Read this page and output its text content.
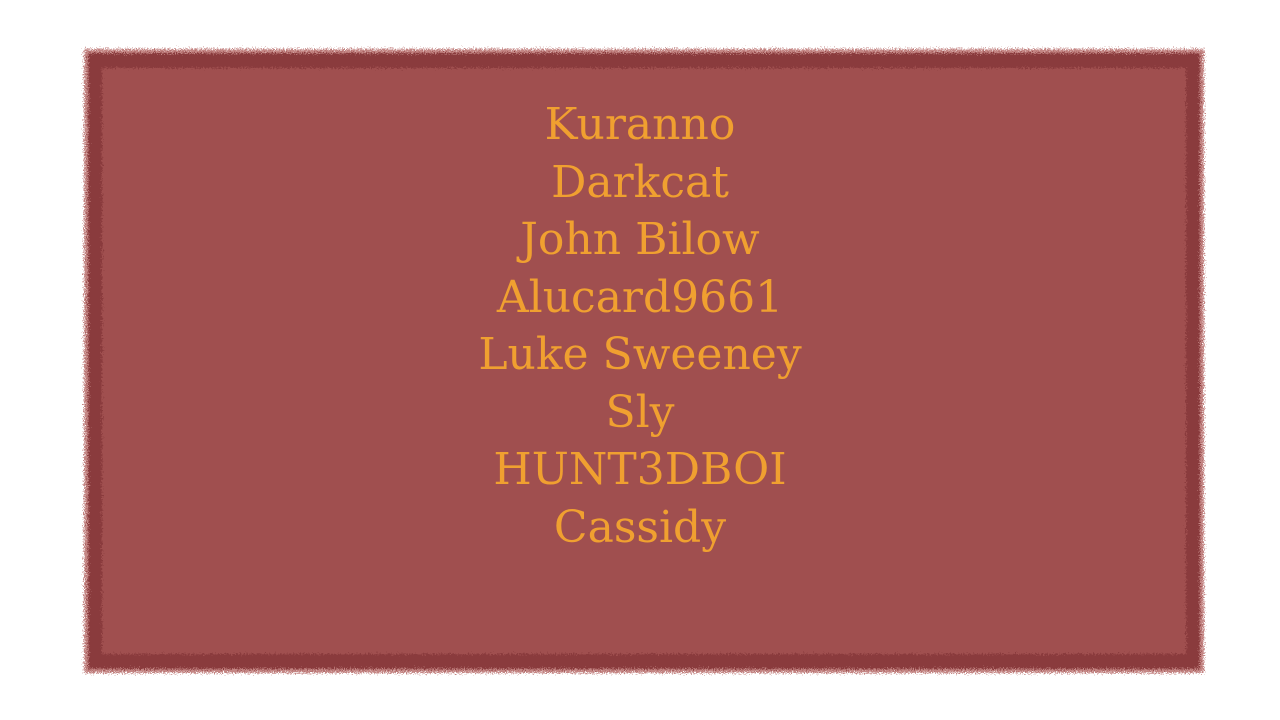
Kuranno
Darkcat
John Bilow
Alucard9661
Luke Sweeney
Sly
HUNT3DBOI
Cassidy
